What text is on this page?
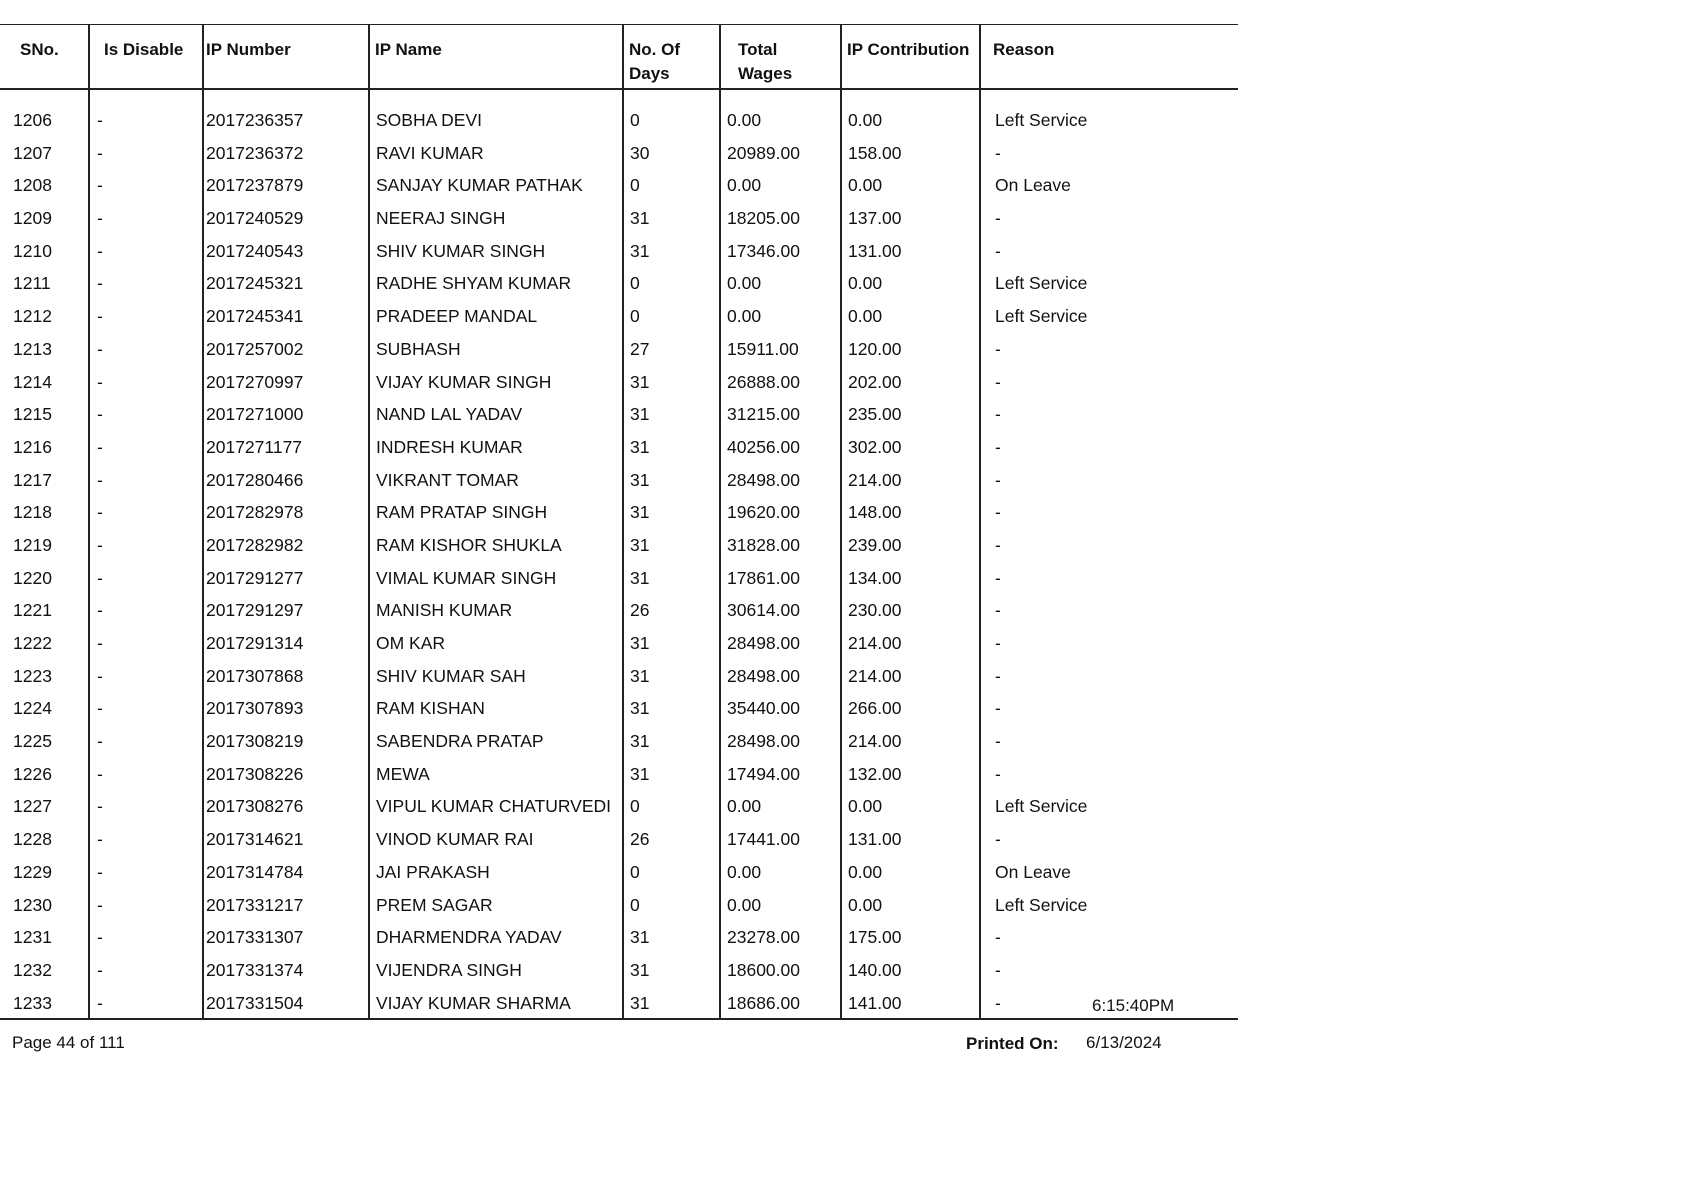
SNo.	Is Disable	IP Number	IP Name	No. Of Days	Total Wages	IP Contribution	Reason
1206	-	2017236357	SOBHA DEVI	0	0.00	0.00	Left Service
1207	-	2017236372	RAVI KUMAR	30	20989.00	158.00	-
1208	-	2017237879	SANJAY KUMAR PATHAK	0	0.00	0.00	On Leave
1209	-	2017240529	NEERAJ SINGH	31	18205.00	137.00	-
1210	-	2017240543	SHIV KUMAR SINGH	31	17346.00	131.00	-
1211	-	2017245321	RADHE SHYAM KUMAR	0	0.00	0.00	Left Service
1212	-	2017245341	PRADEEP MANDAL	0	0.00	0.00	Left Service
1213	-	2017257002	SUBHASH	27	15911.00	120.00	-
1214	-	2017270997	VIJAY KUMAR SINGH	31	26888.00	202.00	-
1215	-	2017271000	NAND LAL YADAV	31	31215.00	235.00	-
1216	-	2017271177	INDRESH KUMAR	31	40256.00	302.00	-
1217	-	2017280466	VIKRANT TOMAR	31	28498.00	214.00	-
1218	-	2017282978	RAM PRATAP SINGH	31	19620.00	148.00	-
1219	-	2017282982	RAM KISHOR SHUKLA	31	31828.00	239.00	-
1220	-	2017291277	VIMAL KUMAR SINGH	31	17861.00	134.00	-
1221	-	2017291297	MANISH KUMAR	26	30614.00	230.00	-
1222	-	2017291314	OM KAR	31	28498.00	214.00	-
1223	-	2017307868	SHIV KUMAR SAH	31	28498.00	214.00	-
1224	-	2017307893	RAM KISHAN	31	35440.00	266.00	-
1225	-	2017308219	SABENDRA PRATAP	31	28498.00	214.00	-
1226	-	2017308226	MEWA	31	17494.00	132.00	-
1227	-	2017308276	VIPUL KUMAR CHATURVEDI	0	0.00	0.00	Left Service
1228	-	2017314621	VINOD KUMAR RAI	26	17441.00	131.00	-
1229	-	2017314784	JAI PRAKASH	0	0.00	0.00	On Leave
1230	-	2017331217	PREM SAGAR	0	0.00	0.00	Left Service
1231	-	2017331307	DHARMENDRA YADAV	31	23278.00	175.00	-
1232	-	2017331374	VIJENDRA SINGH	31	18600.00	140.00	-
1233	-	2017331504	VIJAY KUMAR SHARMA	31	18686.00	141.00	-	6:15:40PM
Page 44 of 111	Printed On: 6/13/2024
